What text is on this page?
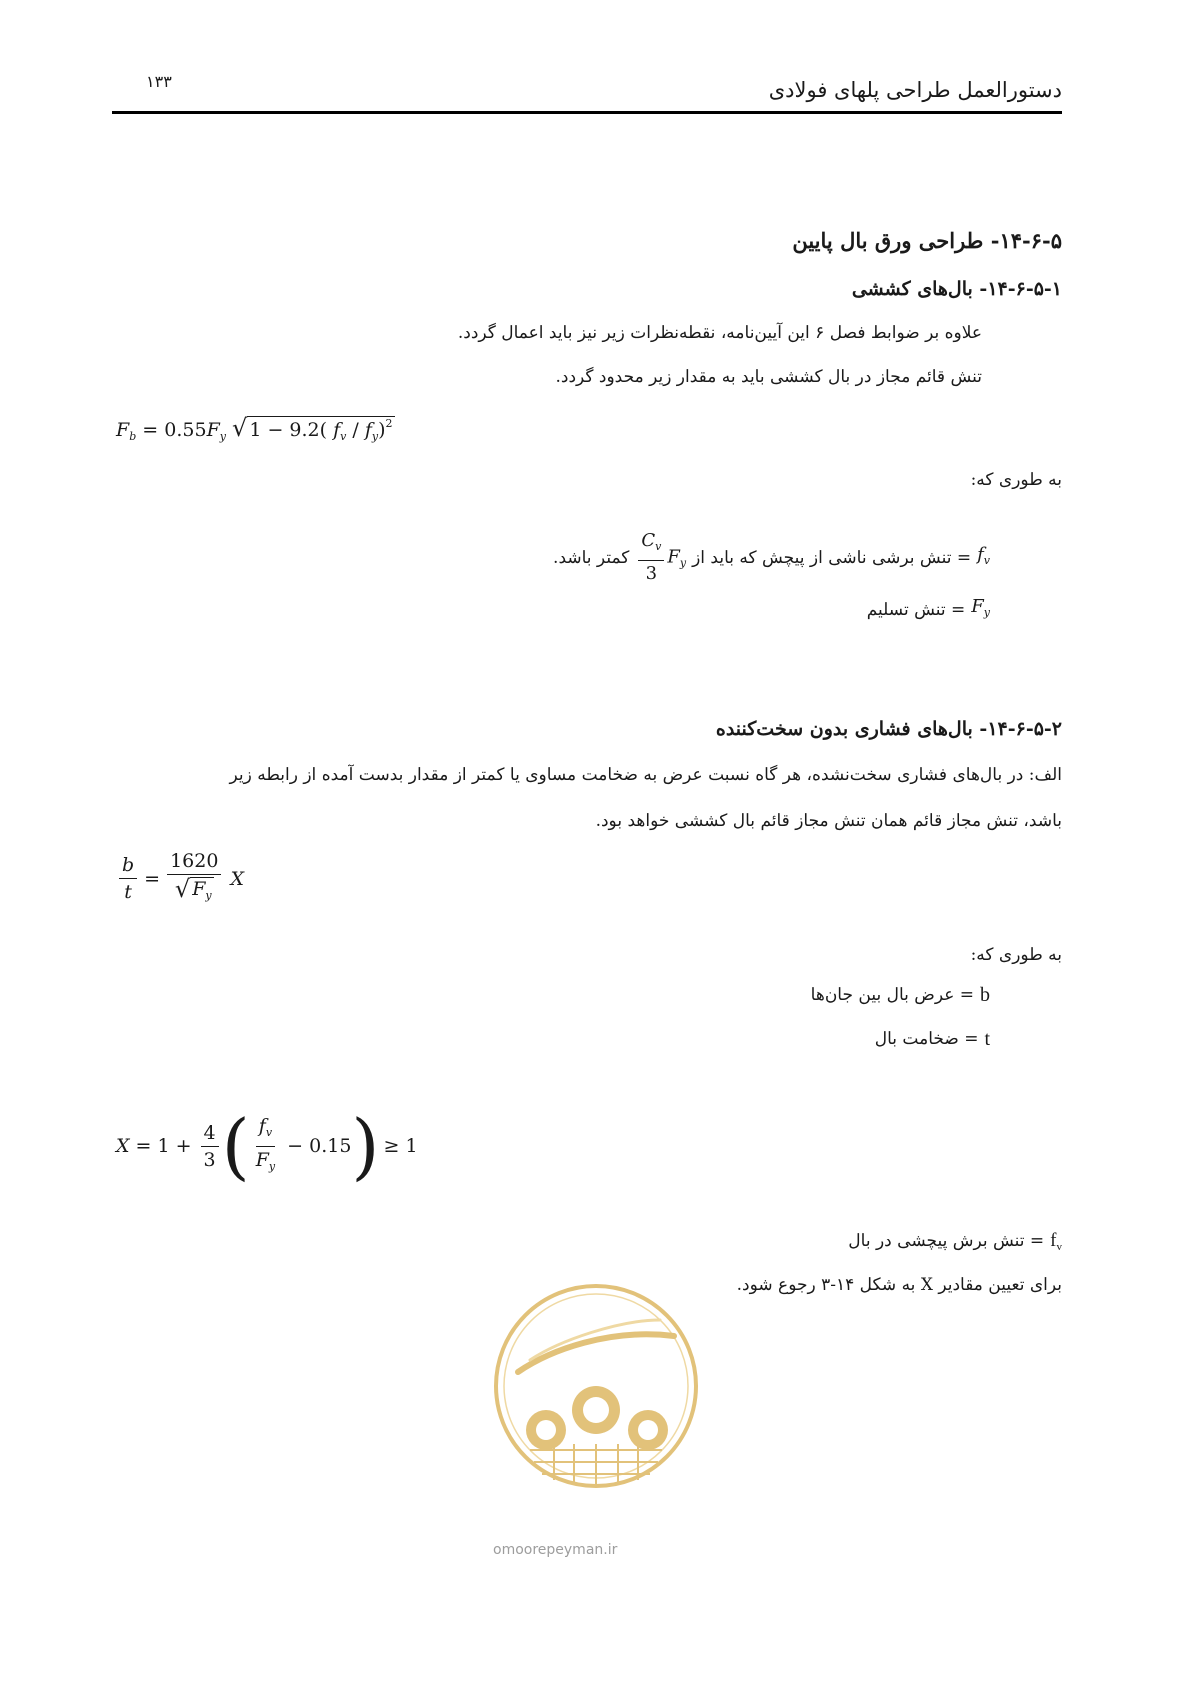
۱۳۳	دستورالعمل طراحی پلهای فولادی
۱۴-۶-۵- طراحی ورق بال پایین
۱۴-۶-۵-۱- بال‌های کششی
علاوه بر ضوابط فصل ۶ این آیین‌نامه، نقطه‌نظرات زیر نیز باید اعمال گردد.
تنش قائم مجاز در بال کششی باید به مقدار زیر محدود گردد.
$F_b = 0.55F_y$ √ 1 − 9.2( $f_v / f_y)^2$
به طوری که:
$f_v$
= تنش برشی ناشی از پیچش که باید از
$\frac{C_v}{3} F_y$
کمتر باشد.
$F_y$
= تنش تسلیم
۱۴-۶-۵-۲- بال‌های فشاری بدون سخت‌کننده
الف: در بال‌های فشاری سخت‌نشده، هر گاه نسبت عرض به ضخامت مساوی یا کمتر از مقدار بدست آمده از رابطه زیر
باشد، تنش مجاز قائم همان تنش مجاز قائم بال کششی خواهد بود.
$\frac{b}{t} = \frac{1620}{√ F_y}$ X
به طوری که:
b
= عرض بال بین جان‌ها
t
= ضخامت بال
$X = 1 + \frac{4}{3}$ ( $\frac{f_v}{F_y} - 0.15$ ) ≥ 1
$f_v$
= تنش برش پیچشی در بال
برای تعیین مقادیر X به شکل ۱۴-۳ رجوع شود.
omoorepeyman.ir
